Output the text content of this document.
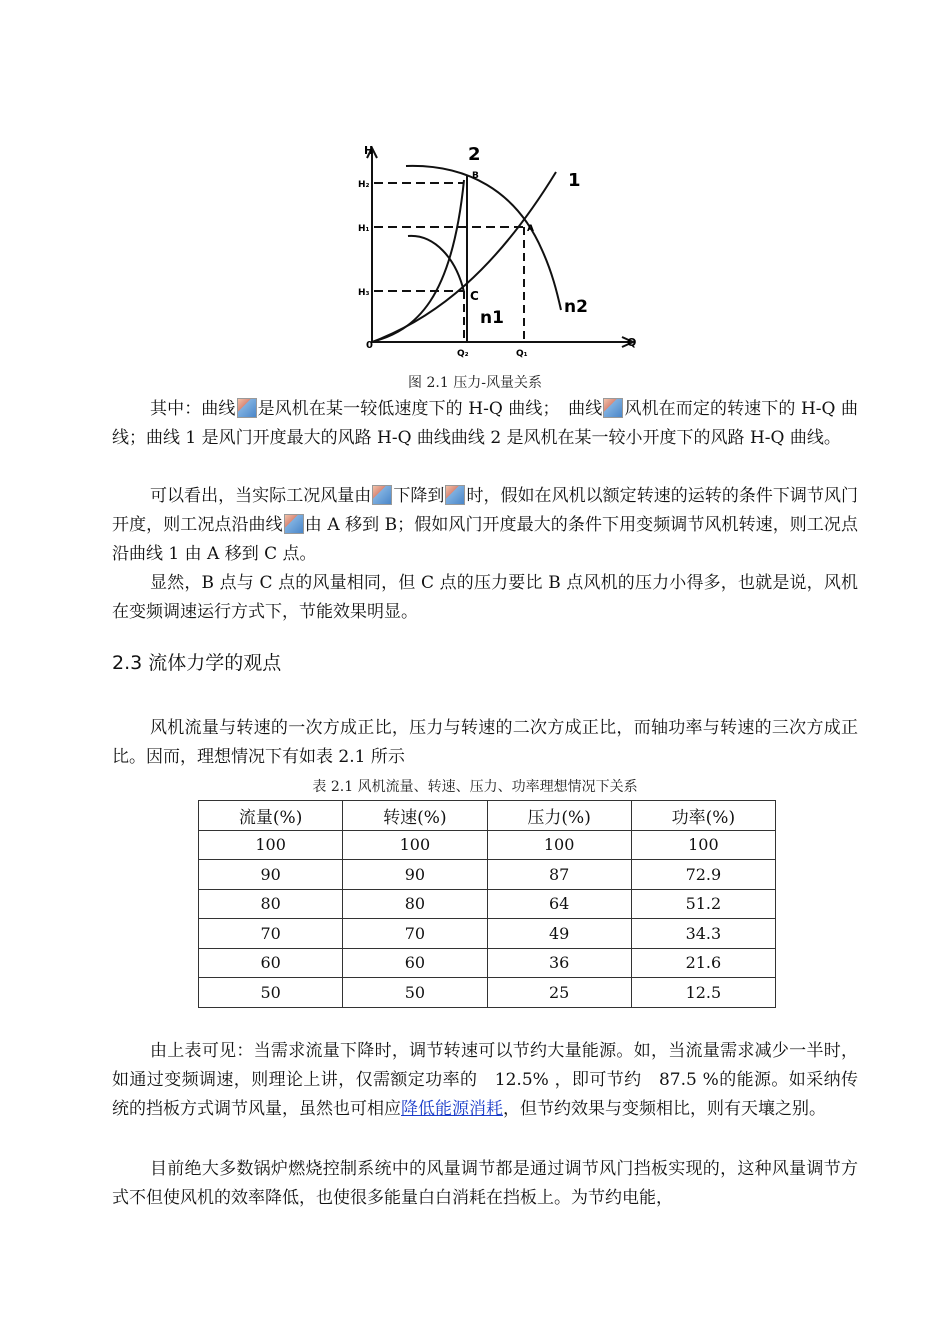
H
Q
0
H₂
H₁
H₃
Q₂	Q₁
A
B
C
2
1
n1
n2
图 2.1 压力-风量关系
其中：曲线 是风机在某一较低速度下的 H-Q 曲线；　曲线 风机在而定的转速下的 H-Q 曲线；曲线 1 是风门开度最大的风路 H-Q 曲线曲线 2 是风机在某一较小开度下的风路 H-Q 曲线。
可以看出，当实际工况风量由 下降到 时，假如在风机以额定转速的运转的条件下调节风门开度，则工况点沿曲线 由 A 移到 B；假如风门开度最大的条件下用变频调节风机转速，则工况点沿曲线 1 由 A 移到 C 点。
显然，B 点与 C 点的风量相同，但 C 点的压力要比 B 点风机的压力小得多，也就是说，风机在变频调速运行方式下，节能效果明显。
2.3 流体力学的观点
风机流量与转速的一次方成正比，压力与转速的二次方成正比，而轴功率与转速的三次方成正比。因而，理想情况下有如表 2.1 所示
表 2.1 风机流量、转速、压力、功率理想情况下关系
流量(%)	转速(%)	压力(%)	功率(%)
100	100	100	100
90	90	87	72.9
80	80	64	51.2
70	70	49	34.3
60	60	36	21.6
50	50	25	12.5
由上表可见：当需求流量下降时，调节转速可以节约大量能源。如，当流量需求减少一半时，如通过变频调速，则理论上讲，仅需额定功率的　12.5% ，即可节约　87.5 %的能源。如采纳传统的挡板方式调节风量，虽然也可相应降低能源消耗，但节约效果与变频相比，则有天壤之别。
目前绝大多数锅炉燃烧控制系统中的风量调节都是通过调节风门挡板实现的，这种风量调节方式不但使风机的效率降低，也使很多能量白白消耗在挡板上。为节约电能，
